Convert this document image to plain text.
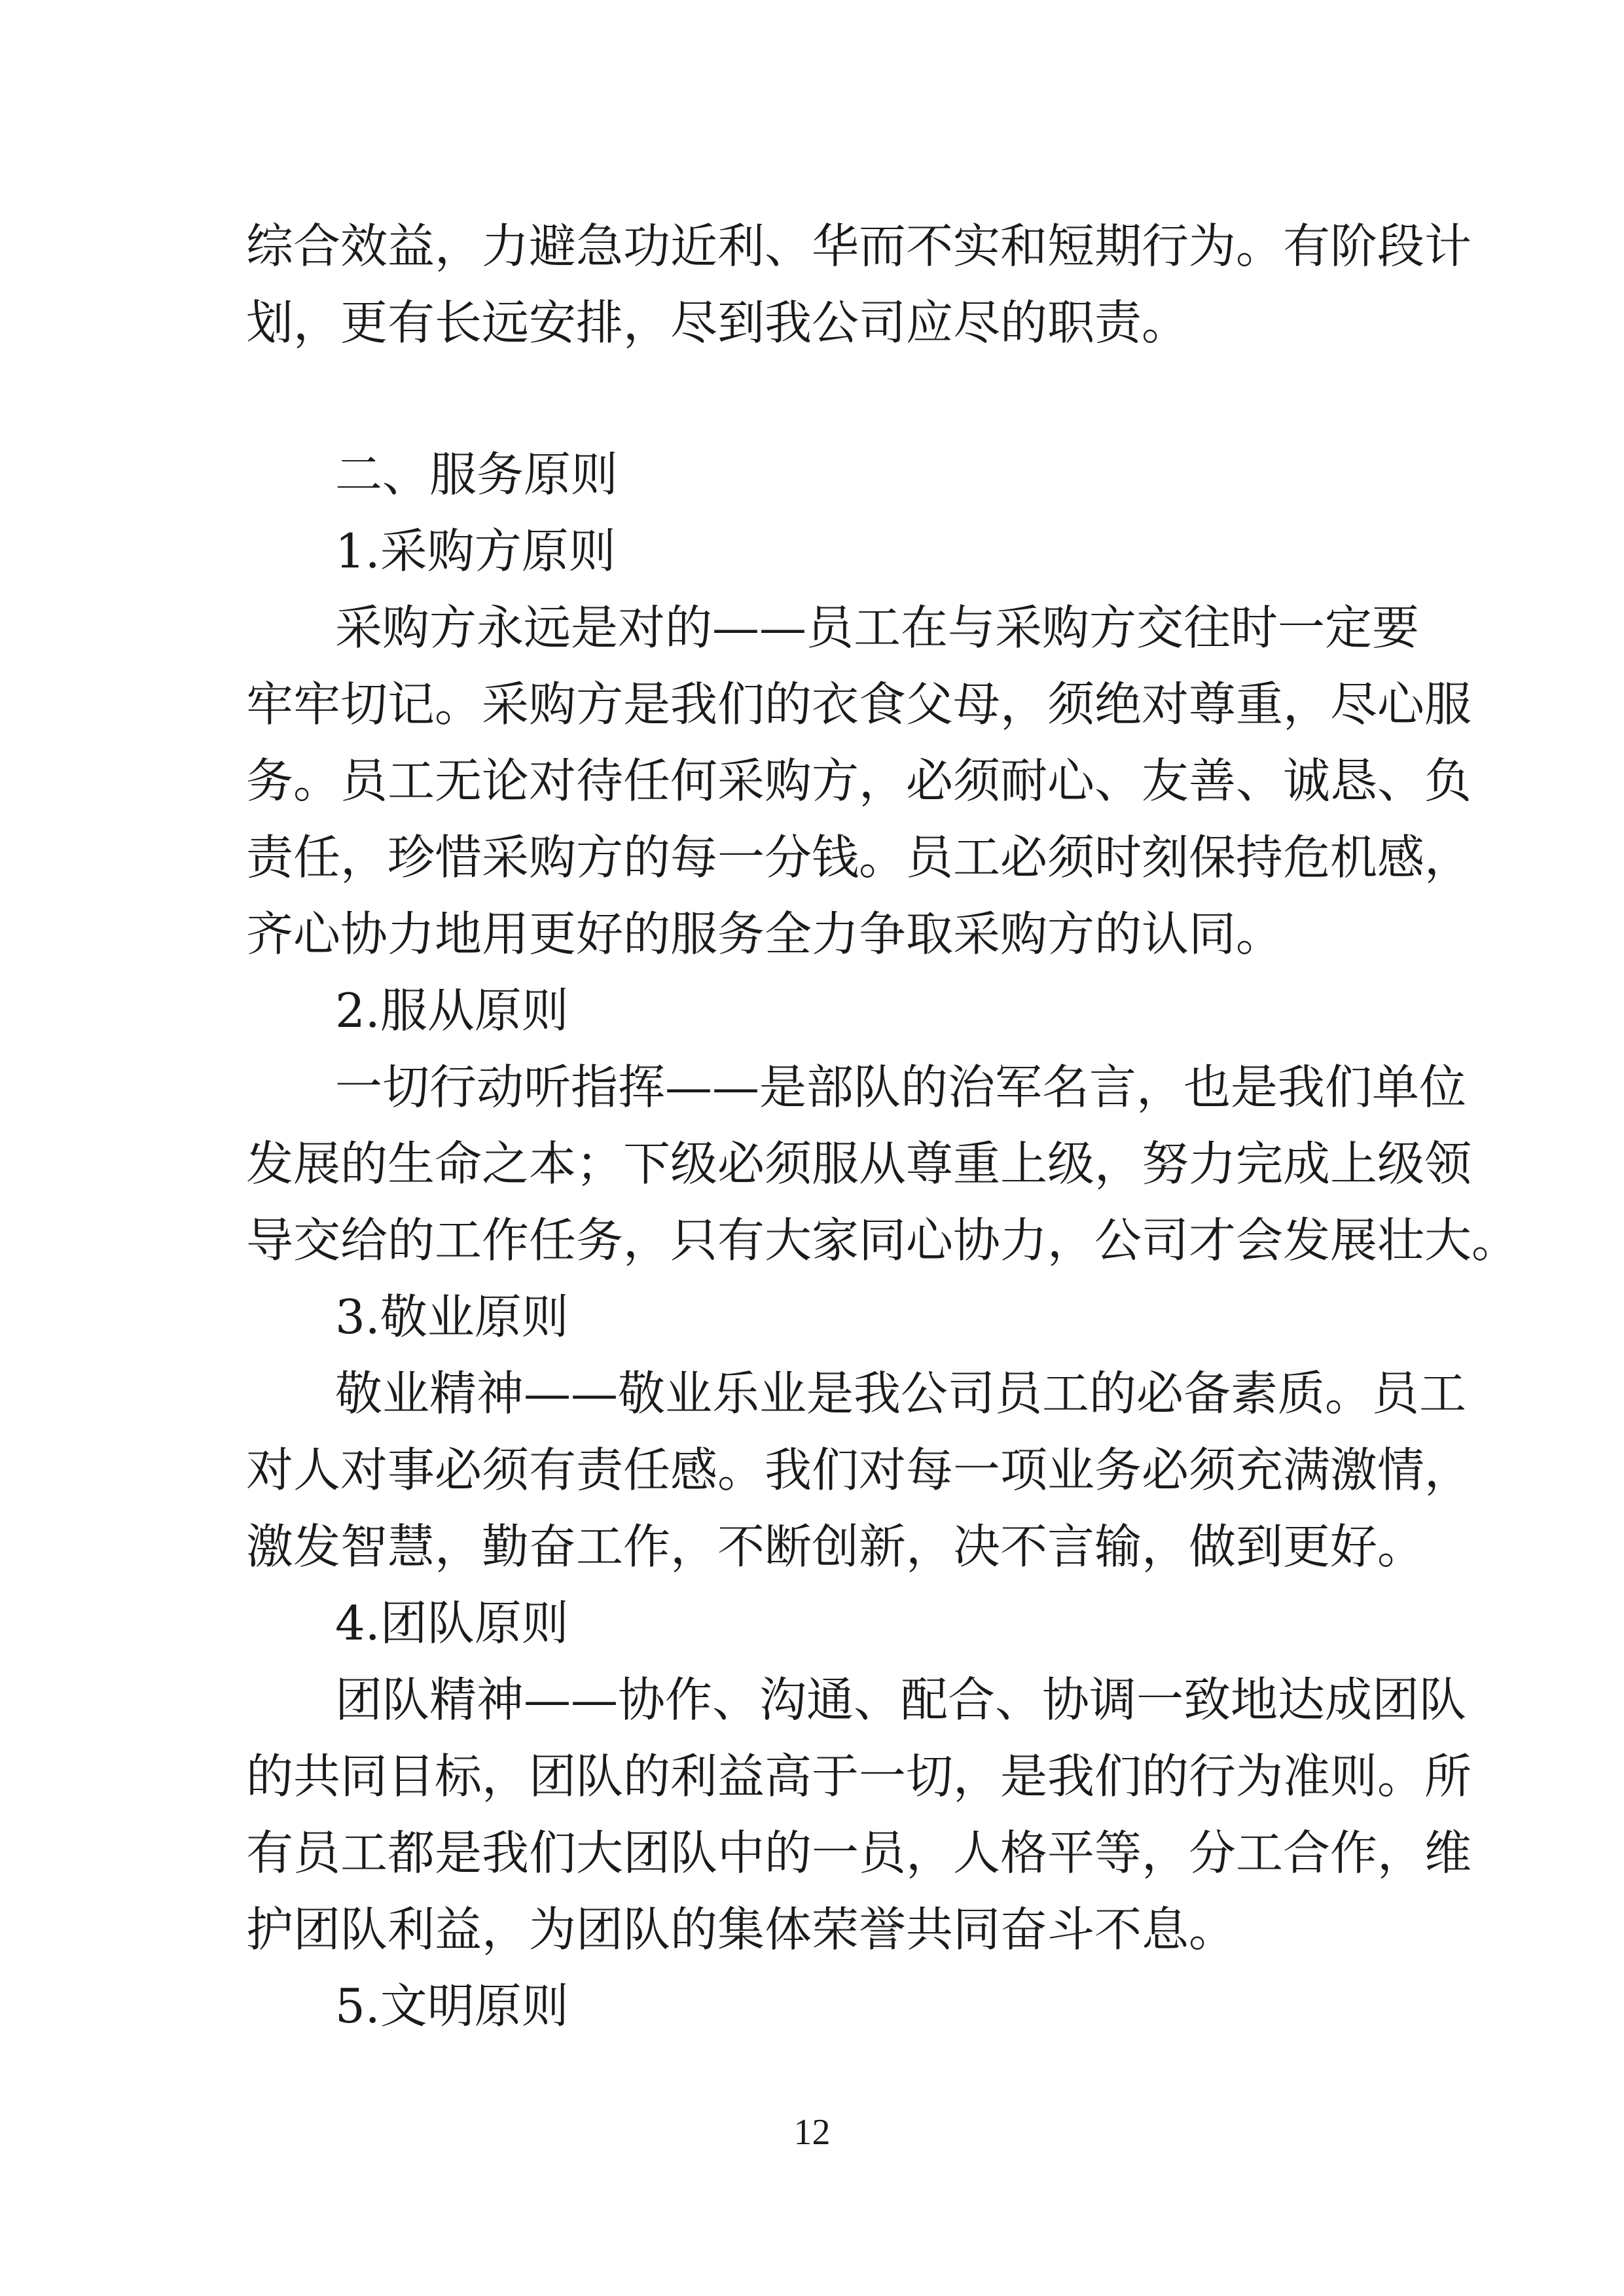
综合效益，力避急功近利、华而不实和短期行为。有阶段计
划，更有长远安排，尽到我公司应尽的职责。
二、服务原则
1.采购方原则
采购方永远是对的——员工在与采购方交往时一定要
牢牢切记。采购方是我们的衣食父母，须绝对尊重，尽心服
务。员工无论对待任何采购方，必须耐心、友善、诚恳、负
责任，珍惜采购方的每一分钱。员工必须时刻保持危机感，
齐心协力地用更好的服务全力争取采购方的认同。
2.服从原则
一切行动听指挥——是部队的治军名言，也是我们单位
发展的生命之本；下级必须服从尊重上级，努力完成上级领
导交给的工作任务，只有大家同心协力，公司才会发展壮大。
3.敬业原则
敬业精神——敬业乐业是我公司员工的必备素质。员工
对人对事必须有责任感。我们对每一项业务必须充满激情，
激发智慧，勤奋工作，不断创新，决不言输，做到更好。
4.团队原则
团队精神——协作、沟通、配合、协调一致地达成团队
的共同目标，团队的利益高于一切，是我们的行为准则。所
有员工都是我们大团队中的一员，人格平等，分工合作，维
护团队利益，为团队的集体荣誉共同奋斗不息。
5.文明原则
12
